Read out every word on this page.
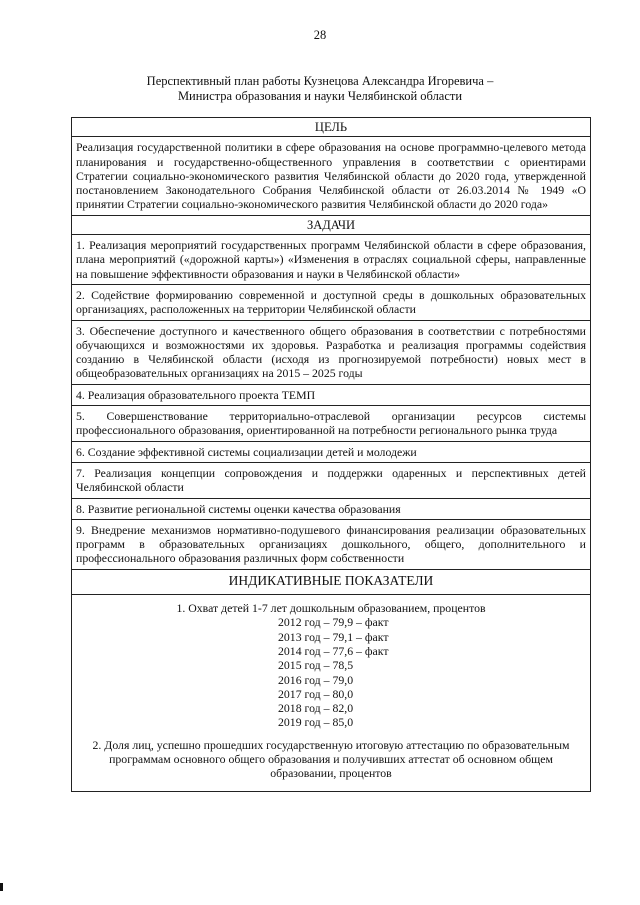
28
Перспективный план работы Кузнецова Александра Игоревича –
Министра образования и науки Челябинской области
ЦЕЛЬ
Реализация государственной политики в сфере образования на основе программно-целевого метода планирования и государственно-общественного управления в соответствии с ориентирами Стратегии социально-экономического развития Челябинской области до 2020 года, утвержденной постановлением Законодательного Собрания Челябинской области от 26.03.2014 № 1949 «О принятии Стратегии социально-экономического развития Челябинской области до 2020 года»
ЗАДАЧИ
1. Реализация мероприятий государственных программ Челябинской области в сфере образования, плана мероприятий («дорожной карты») «Изменения в отраслях социальной сферы, направленные на повышение эффективности образования и науки в Челябинской области»
2. Содействие формированию современной и доступной среды в дошкольных образовательных организациях, расположенных на территории Челябинской области
3. Обеспечение доступного и качественного общего образования в соответствии с потребностями обучающихся и возможностями их здоровья. Разработка и реализация программы содействия созданию в Челябинской области (исходя из прогнозируемой потребности) новых мест в общеобразовательных организациях на 2015 – 2025 годы
4. Реализация образовательного проекта ТЕМП
5. Совершенствование территориально-отраслевой организации ресурсов системы профессионального образования, ориентированной на потребности регионального рынка труда
6. Создание эффективной системы социализации детей и молодежи
7. Реализация концепции сопровождения и поддержки одаренных и перспективных детей Челябинской области
8. Развитие региональной системы оценки качества образования
9. Внедрение механизмов нормативно-подушевого финансирования реализации образовательных программ в образовательных организациях дошкольного, общего, дополнительного и профессионального образования различных форм собственности
ИНДИКАТИВНЫЕ ПОКАЗАТЕЛИ
1. Охват детей 1-7 лет дошкольным образованием, процентов
2012 год – 79,9 – факт
2013 год – 79,1 – факт
2014 год – 77,6 – факт
2015 год – 78,5
2016 год – 79,0
2017 год – 80,0
2018 год – 82,0
2019 год – 85,0
2. Доля лиц, успешно прошедших государственную итоговую аттестацию по образовательным программам основного общего образования и получивших аттестат об основном общем образовании, процентов
